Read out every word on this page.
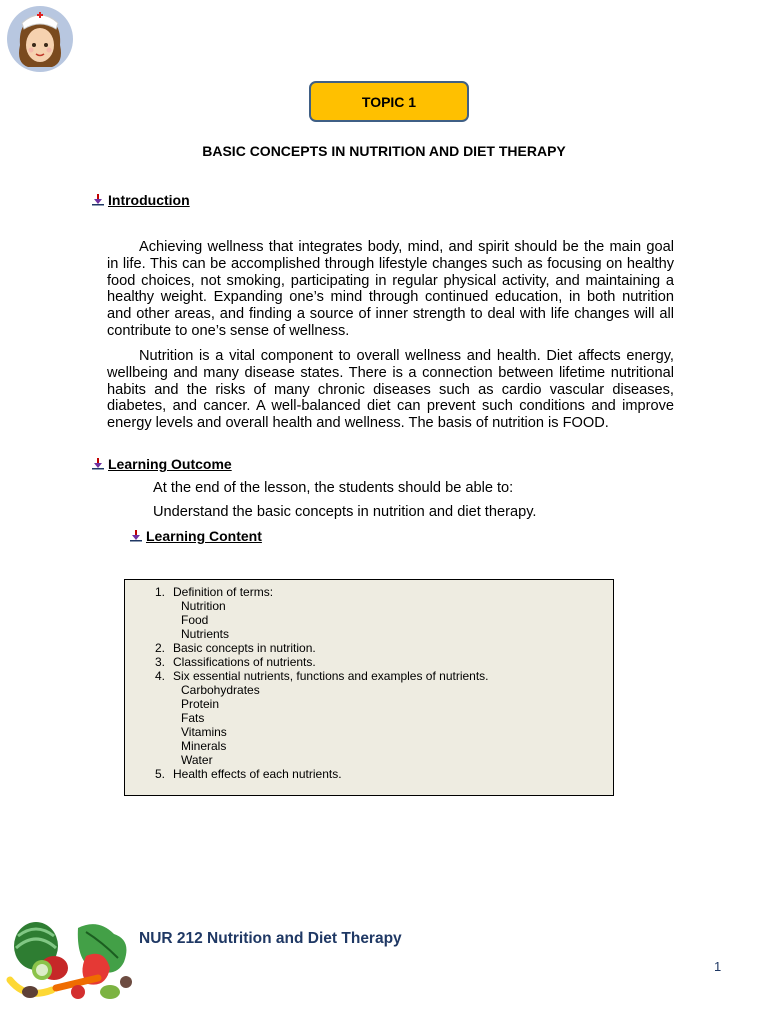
TOPIC 1
BASIC CONCEPTS IN NUTRITION AND DIET THERAPY
Introduction

Achieving wellness that integrates body, mind, and spirit should be the main goal in life. This can be accomplished through lifestyle changes such as focusing on healthy food choices, not smoking, participating in regular physical activity, and maintaining a healthy weight. Expanding one’s mind through continued education, in both nutrition and other areas, and finding a source of inner strength to deal with life changes will all contribute to one’s sense of wellness.

Nutrition is a vital component to overall wellness and health. Diet affects energy, wellbeing and many disease states. There is a connection between lifetime nutritional habits and the risks of many chronic diseases such as cardio vascular diseases, diabetes, and cancer. A well-balanced diet can prevent such conditions and improve energy levels and overall health and wellness. The basis of nutrition is FOOD.

Learning Outcome
At the end of the lesson, the students should be able to:
Understand the basic concepts in nutrition and diet therapy.
Learning Content
1. Definition of terms:
Nutrition
Food
Nutrients
2. Basic concepts in nutrition.
3. Classifications of nutrients.
4. Six essential nutrients, functions and examples of nutrients.
Carbohydrates
Protein
Fats
Vitamins
Minerals
Water
5. Health effects of each nutrients.
NUR 212 Nutrition and Diet Therapy
1
